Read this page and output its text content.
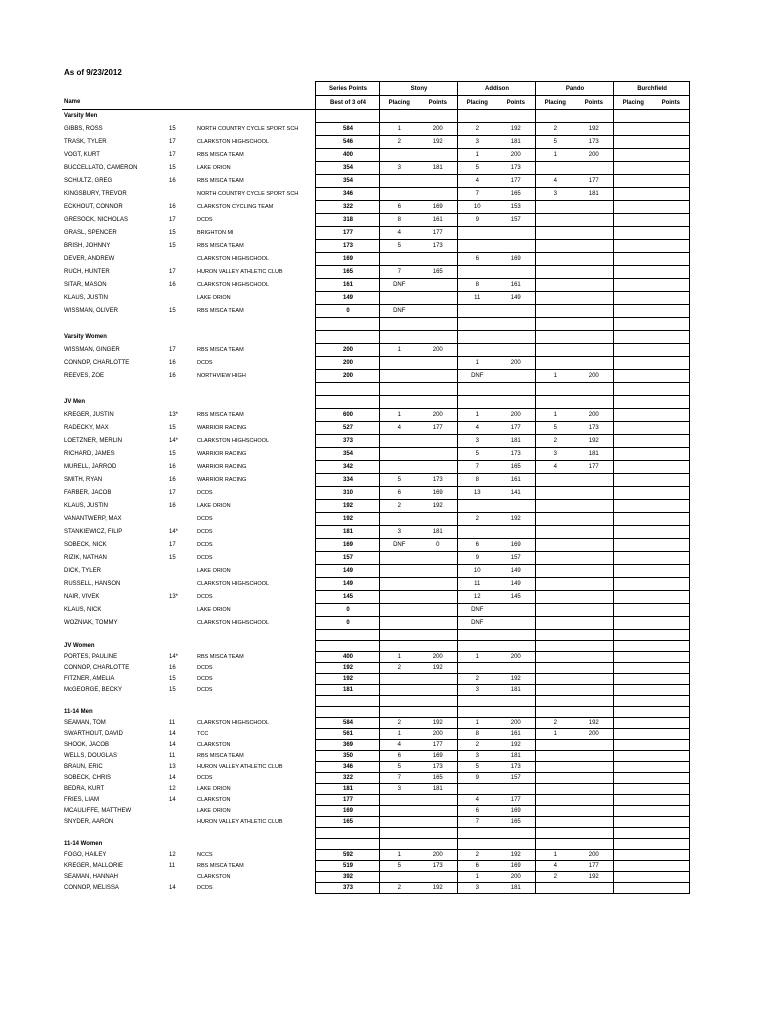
As of 9/23/2012
			Series Points	Stony		Addison		Pando		Burchfield	
Name			Best of 3 of4	Placing	Points	Placing	Points	Placing	Points	Placing	Points
Varsity Men											
GIBBS, ROSS	15	NORTH COUNTRY CYCLE SPORT SCH	584	1	200	2	192	2	192		
TRASK, TYLER	17	CLARKSTON HIGHSCHOOL	546	2	192	3	181	5	173		
VOGT, KURT	17	RBS MISCA TEAM	400			1	200	1	200		
BUCCELLATO, CAMERON	15	LAKE ORION	354	3	181	5	173				
SCHULTZ, GREG	16	RBS MISCA TEAM	354			4	177	4	177		
KINGSBURY, TREVOR		NORTH COUNTRY CYCLE SPORT SCH	346			7	165	3	181		
ECKHOUT, CONNOR	16	CLARKSTON CYCLING TEAM	322	6	169	10	153				
GRESOCK, NICHOLAS	17	DCDS	318	8	161	9	157				
GRASL, SPENCER	15	BRIGHTON MI	177	4	177						
BRISH, JOHNNY	15	RBS MISCA TEAM	173	5	173						
DEVER, ANDREW		CLARKSTON HIGHSCHOOL	169			6	169				
RUCH, HUNTER	17	HURON VALLEY ATHLETIC CLUB	165	7	165						
SITAR, MASON	16	CLARKSTON HIGHSCHOOL	161	DNF		8	161				
KLAUS, JUSTIN		LAKE ORION	149			11	149				
WISSMAN, OLIVER	15	RBS MISCA TEAM	0	DNF							

Varsity Women											
WISSMAN, GINGER	17	RBS MISCA TEAM	200	1	200						
CONNOP, CHARLOTTE	16	DCDS	200			1	200				
REEVES, ZOE	16	NORTHVIEW HIGH	200			DNF		1	200		

JV Men											
KREGER, JUSTIN	13*	RBS MISCA TEAM	600	1	200	1	200	1	200		
RADECKY, MAX	15	WARRIOR RACING	527	4	177	4	177	5	173		
LOETZNER, MERLIN	14*	CLARKSTON HIGHSCHOOL	373			3	181	2	192		
RICHARD, JAMES	15	WARRIOR RACING	354			5	173	3	181		
MURELL, JARROD	16	WARRIOR RACING	342			7	165	4	177		
SMITH, RYAN	16	WARRIOR RACING	334	5	173	8	161				
FARBER, JACOB	17	DCDS	310	6	169	13	141				
KLAUS, JUSTIN	16	LAKE ORION	192	2	192						
VANANTWERP, MAX		DCDS	192			2	192				
STANKIEWICZ, FILIP	14*	DCDS	181	3	181						
SOBECK, NICK	17	DCDS	169	DNF	0	6	169				
RIZIK, NATHAN	15	DCDS	157			9	157				
DICK, TYLER		LAKE ORION	149			10	149				
RUSSELL, HANSON		CLARKSTON HIGHSCHOOL	149			11	149				
NAIR, VIVEK	13*	DCDS	145			12	145				
KLAUS, NICK		LAKE ORION	0			DNF					
WOZNIAK, TOMMY		CLARKSTON HIGHSCHOOL	0			DNF					

JV Women											
PORTES, PAULINE	14*	RBS MISCA TEAM	400	1	200	1	200				
CONNOP, CHARLOTTE	16	DCDS	192	2	192						
FITZNER, AMELIA	15	DCDS	192			2	192				
McGEORGE, BECKY	15	DCDS	181			3	181				

11-14 Men											
SEAMAN, TOM	11	CLARKSTON HIGHSCHOOL	584	2	192	1	200	2	192		
SWARTHOUT, DAVID	14	TCC	561	1	200	8	161	1	200		
SHOOK, JACOB	14	CLARKSTON	369	4	177	2	192				
WELLS, DOUGLAS	11	RBS MISCA TEAM	350	6	169	3	181				
BRAUN, ERIC	13	HURON VALLEY ATHLETIC CLUB	346	5	173	5	173				
SOBECK, CHRIS	14	DCDS	322	7	165	9	157				
BEDRA, KURT	12	LAKE ORION	181	3	181						
FRIES, LIAM	14	CLARKSTON	177			4	177				
MCAULIFFE, MATTHEW		LAKE ORION	169			6	169				
SNYDER, AARON		HURON VALLEY ATHLETIC CLUB	165			7	165				

11-14 Women											
FOGO, HAILEY	12	NCCS	592	1	200	2	192	1	200		
KREGER, MALLORIE	11	RBS MISCA TEAM	519	5	173	6	169	4	177		
SEAMAN, HANNAH		CLARKSTON	392			1	200	2	192		
CONNOP, MELISSA	14	DCDS	373	2	192	3	181				
